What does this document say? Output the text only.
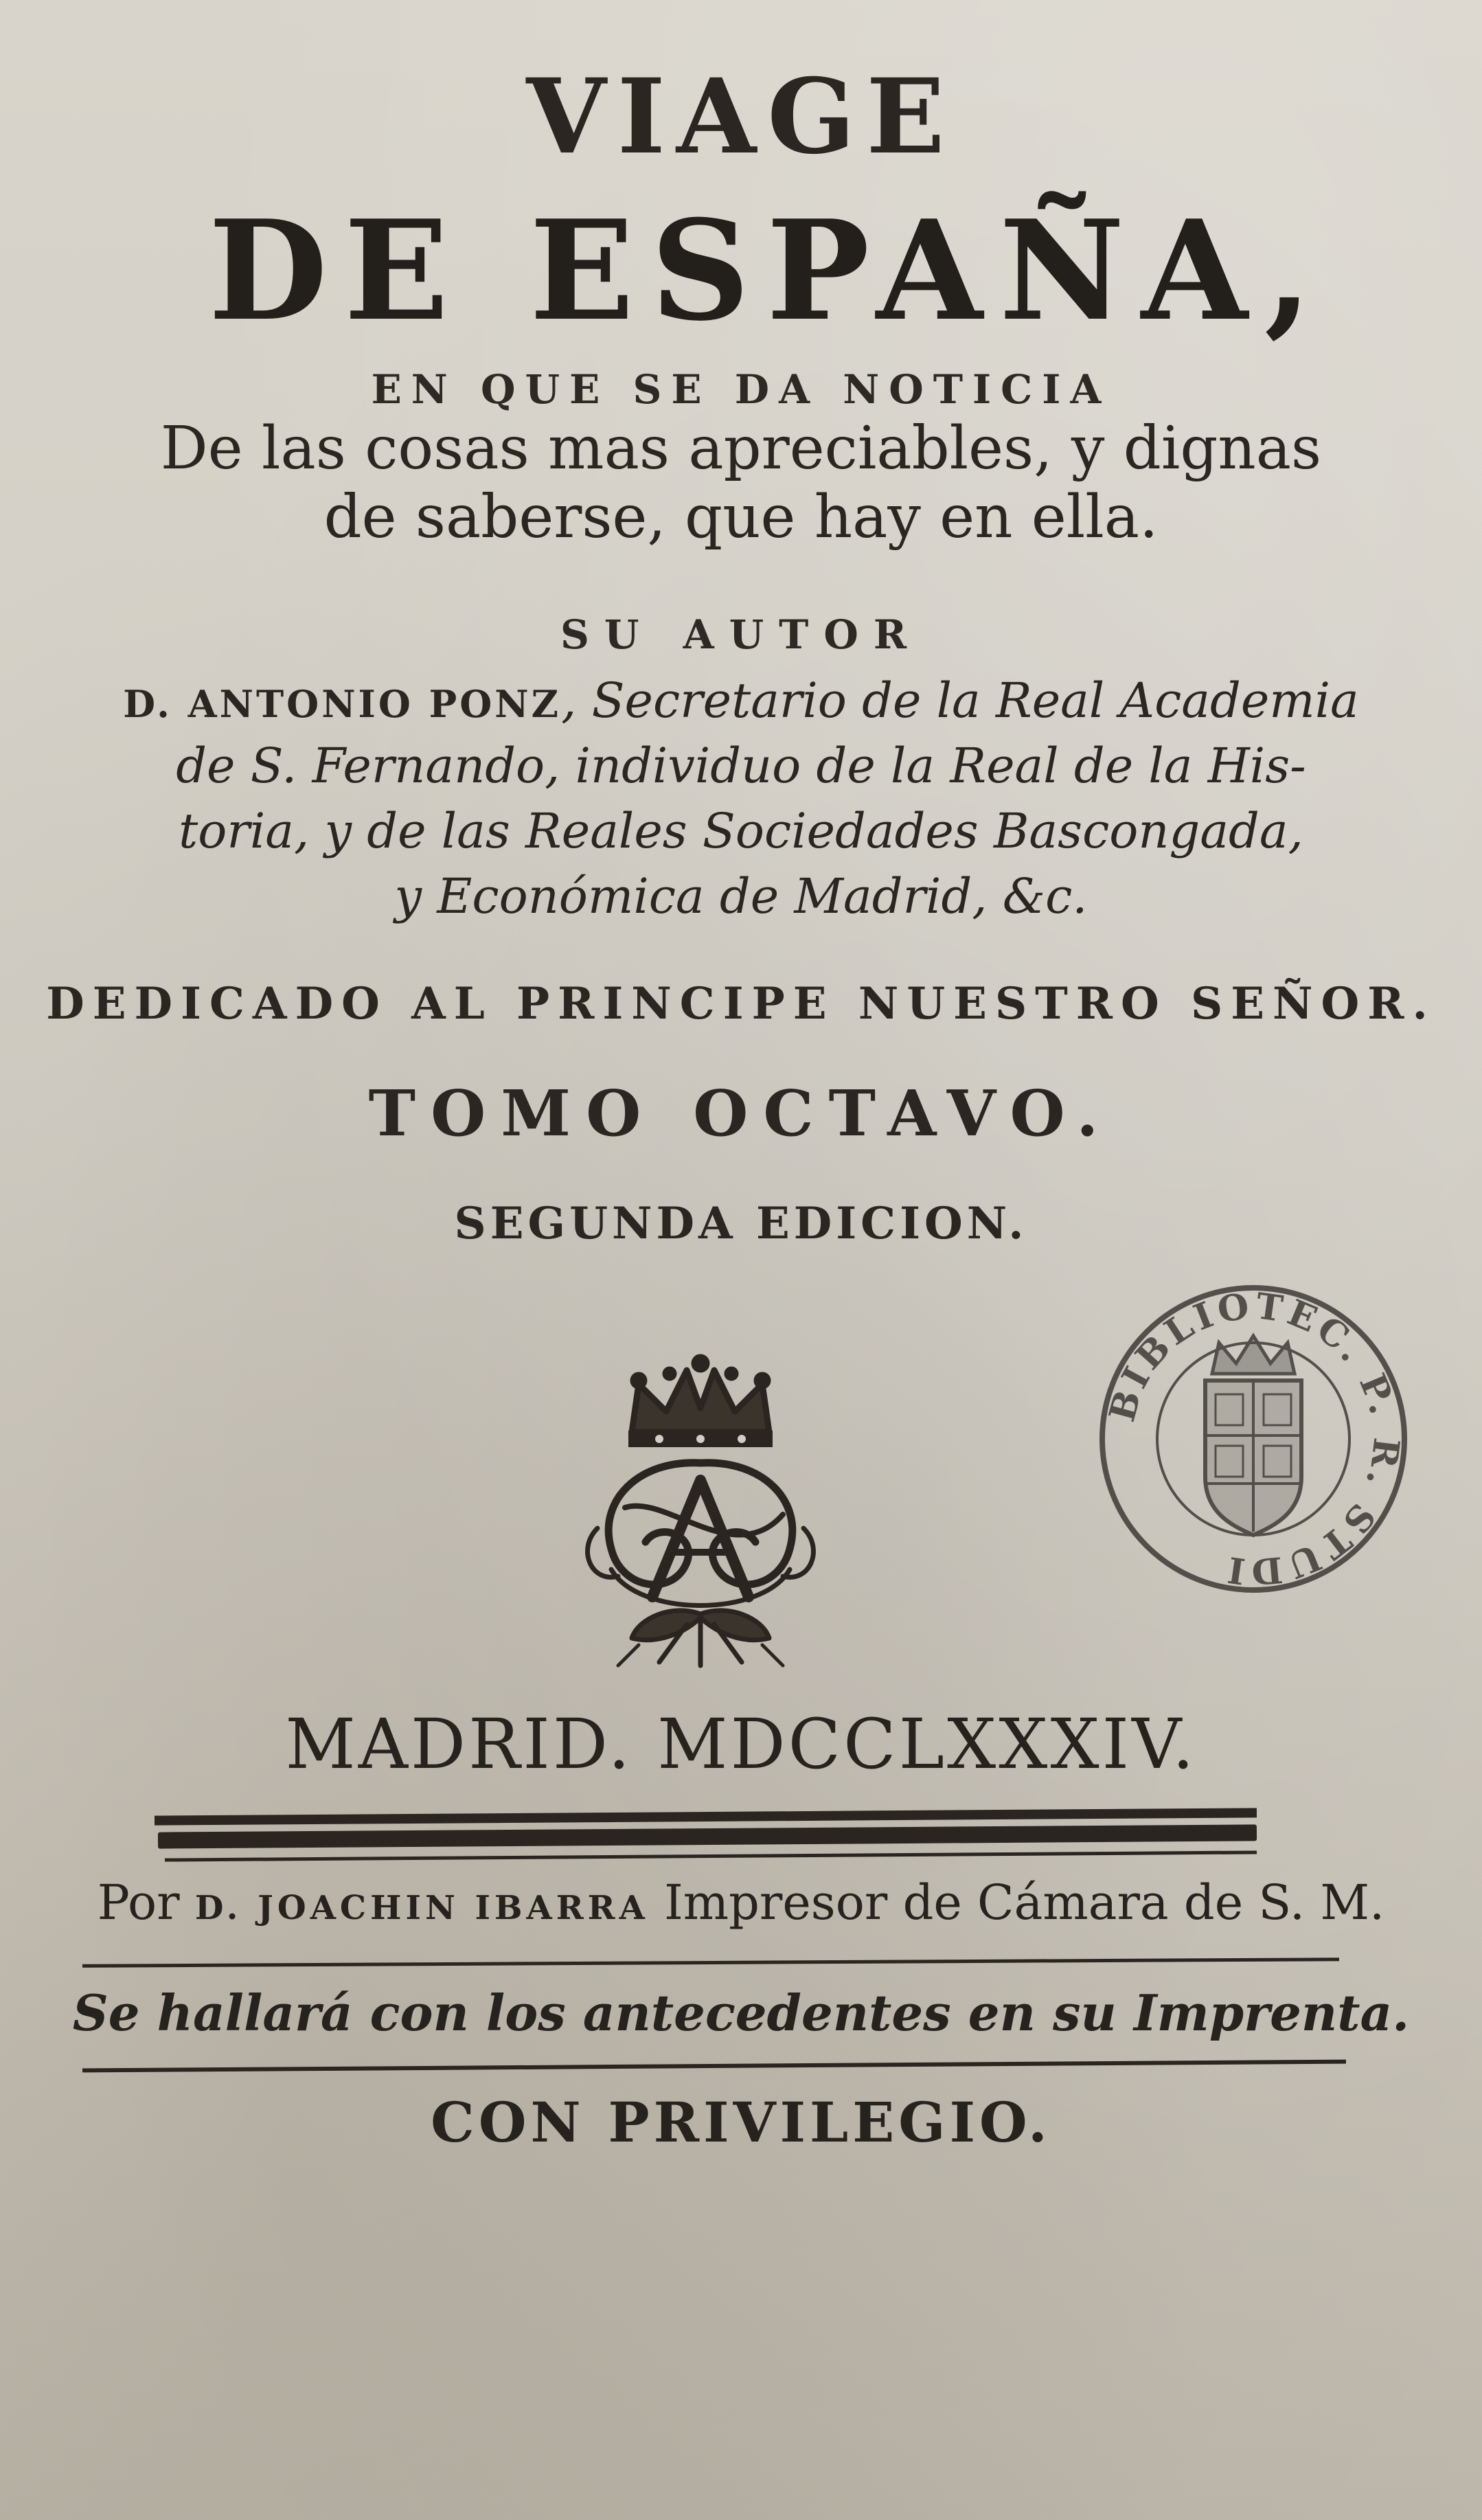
VIAGE
DE ESPAÑA,
EN QUE SE DA NOTICIA
De las cosas mas apreciables, y dignas
de saberse, que hay en ella.
SU AUTOR
D. ANTONIO PONZ, Secretario de la Real Academia
de S. Fernando, individuo de la Real de la His-
toria, y de las Reales Sociedades Bascongada,
y Económica de Madrid, &c.
DEDICADO AL PRINCIPE NUESTRO SEÑOR.
TOMO OCTAVO.
SEGUNDA EDICION.
BIBLIOTEC. P. R. STUDI
MADRID. MDCCLXXXIV.
Por D. JOACHIN IBARRA Impresor de Cámara de S. M.
Se hallará con los antecedentes en su Imprenta.
CON PRIVILEGIO.
